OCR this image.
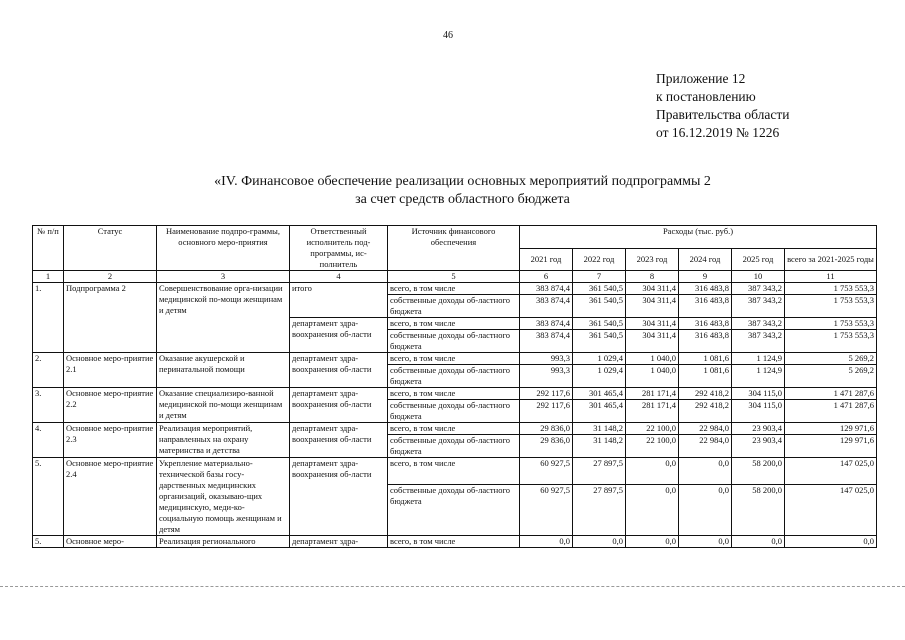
46
Приложение 12
к постановлению
Правительства области
от 16.12.2019 № 1226
«IV. Финансовое обеспечение реализации основных мероприятий подпрограммы 2
за счет средств областного бюджета
№ п/п	Статус	Наименование подпро-граммы, основного меро-приятия	Ответственный исполнитель под-программы, ис-полнитель	Источник финансового обеспечения	Расходы (тыс. руб.)					
					2021 год	2022 год	2023 год	2024 год	2025 год	всего за 2021-2025 годы
1	2	3	4	5	6	7	8	9	10	11
1.	Подпрограмма 2	Совершенствование орга-низации медицинской по-мощи женщинам и детям	итого	всего, в том числе	383 874,4	361 540,5	304 311,4	316 483,8	387 343,2	1 753 553,3
				собственные доходы об-ластного бюджета	383 874,4	361 540,5	304 311,4	316 483,8	387 343,2	1 753 553,3
			департамент здра-воохранения об-ласти	всего, в том числе	383 874,4	361 540,5	304 311,4	316 483,8	387 343,2	1 753 553,3
				собственные доходы об-ластного бюджета	383 874,4	361 540,5	304 311,4	316 483,8	387 343,2	1 753 553,3
2.	Основное меро-приятие 2.1	Оказание акушерской и перинатальной помощи	департамент здра-воохранения об-ласти	всего, в том числе	993,3	1 029,4	1 040,0	1 081,6	1 124,9	5 269,2
				собственные доходы об-ластного бюджета	993,3	1 029,4	1 040,0	1 081,6	1 124,9	5 269,2
3.	Основное меро-приятие 2.2	Оказание специализиро-ванной медицинской по-мощи женщинам и детям	департамент здра-воохранения об-ласти	всего, в том числе	292 117,6	301 465,4	281 171,4	292 418,2	304 115,0	1 471 287,6
				собственные доходы об-ластного бюджета	292 117,6	301 465,4	281 171,4	292 418,2	304 115,0	1 471 287,6
4.	Основное меро-приятие 2.3	Реализация мероприятий, направленных на охрану материнства и детства	департамент здра-воохранения об-ласти	всего, в том числе	29 836,0	31 148,2	22 100,0	22 984,0	23 903,4	129 971,6
				собственные доходы об-ластного бюджета	29 836,0	31 148,2	22 100,0	22 984,0	23 903,4	129 971,6
5.	Основное меро-приятие 2.4	Укрепление материально-технической базы госу-дарственных медицинских организаций, оказываю-щих медицинскую, меди-ко-социальную помощь женщинам и детям	департамент здра-воохранения об-ласти	всего, в том числе	60 927,5	27 897,5	0,0	0,0	58 200,0	147 025,0
				собственные доходы об-ластного бюджета	60 927,5	27 897,5	0,0	0,0	58 200,0	147 025,0
5.	Основное меро-	Реализация регионального	департамент здра-	всего, в том числе	0,0	0,0	0,0	0,0	0,0	0,0
